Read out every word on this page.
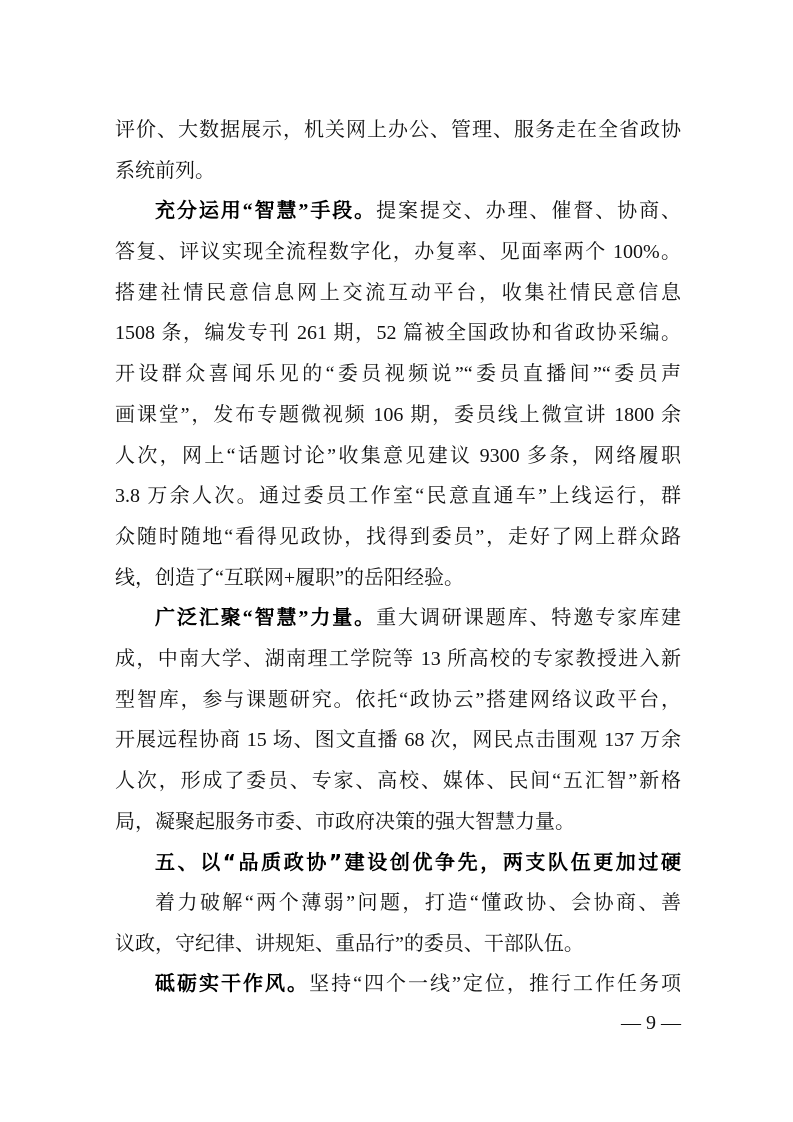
评价、大数据展示，机关网上办公、管理、服务走在全省政协
系统前列。
充分运用“智慧”手段。提案提交、办理、催督、协商、
答复、评议实现全流程数字化，办复率、见面率两个 100%。
搭建社情民意信息网上交流互动平台，收集社情民意信息
1508 条，编发专刊 261 期，52 篇被全国政协和省政协采编。
开设群众喜闻乐见的“委员视频说”“委员直播间”“委员声
画课堂”，发布专题微视频 106 期，委员线上微宣讲 1800 余
人次，网上“话题讨论”收集意见建议 9300 多条，网络履职
3.8 万余人次。通过委员工作室“民意直通车”上线运行，群
众随时随地“看得见政协，找得到委员”，走好了网上群众路
线，创造了“互联网+履职”的岳阳经验。
广泛汇聚“智慧”力量。重大调研课题库、特邀专家库建
成，中南大学、湖南理工学院等 13 所高校的专家教授进入新
型智库，参与课题研究。依托“政协云”搭建网络议政平台，
开展远程协商 15 场、图文直播 68 次，网民点击围观 137 万余
人次，形成了委员、专家、高校、媒体、民间“五汇智”新格
局，凝聚起服务市委、市政府决策的强大智慧力量。
五、以“品质政协”建设创优争先，两支队伍更加过硬
着力破解“两个薄弱”问题，打造“懂政协、会协商、善
议政，守纪律、讲规矩、重品行”的委员、干部队伍。
砥砺实干作风。坚持“四个一线”定位，推行工作任务项
— 9 —
